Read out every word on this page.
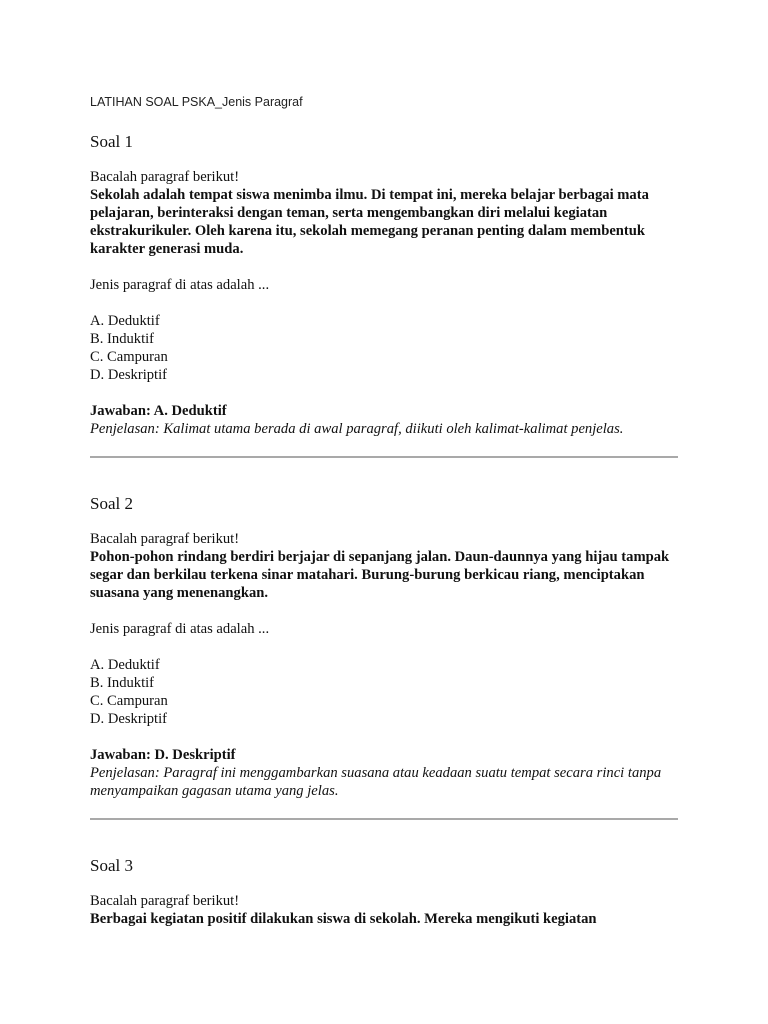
LATIHAN SOAL PSKA_Jenis Paragraf
Soal 1

Bacalah paragraf berikut!

Sekolah adalah tempat siswa menimba ilmu. Di tempat ini, mereka belajar berbagai mata pelajaran, berinteraksi dengan teman, serta mengembangkan diri melalui kegiatan ekstrakurikuler. Oleh karena itu, sekolah memegang peranan penting dalam membentuk karakter generasi muda.

Jenis paragraf di atas adalah ...

A. Deduktif
B. Induktif
C. Campuran
D. Deskriptif

Jawaban: A. Deduktif

Penjelasan: Kalimat utama berada di awal paragraf, diikuti oleh kalimat-kalimat penjelas.

Soal 2

Bacalah paragraf berikut!

Pohon-pohon rindang berdiri berjajar di sepanjang jalan. Daun-daunnya yang hijau tampak segar dan berkilau terkena sinar matahari. Burung-burung berkicau riang, menciptakan suasana yang menenangkan.

Jenis paragraf di atas adalah ...

A. Deduktif
B. Induktif
C. Campuran
D. Deskriptif

Jawaban: D. Deskriptif

Penjelasan: Paragraf ini menggambarkan suasana atau keadaan suatu tempat secara rinci tanpa menyampaikan gagasan utama yang jelas.

Soal 3

Bacalah paragraf berikut!

Berbagai kegiatan positif dilakukan siswa di sekolah. Mereka mengikuti kegiatan
